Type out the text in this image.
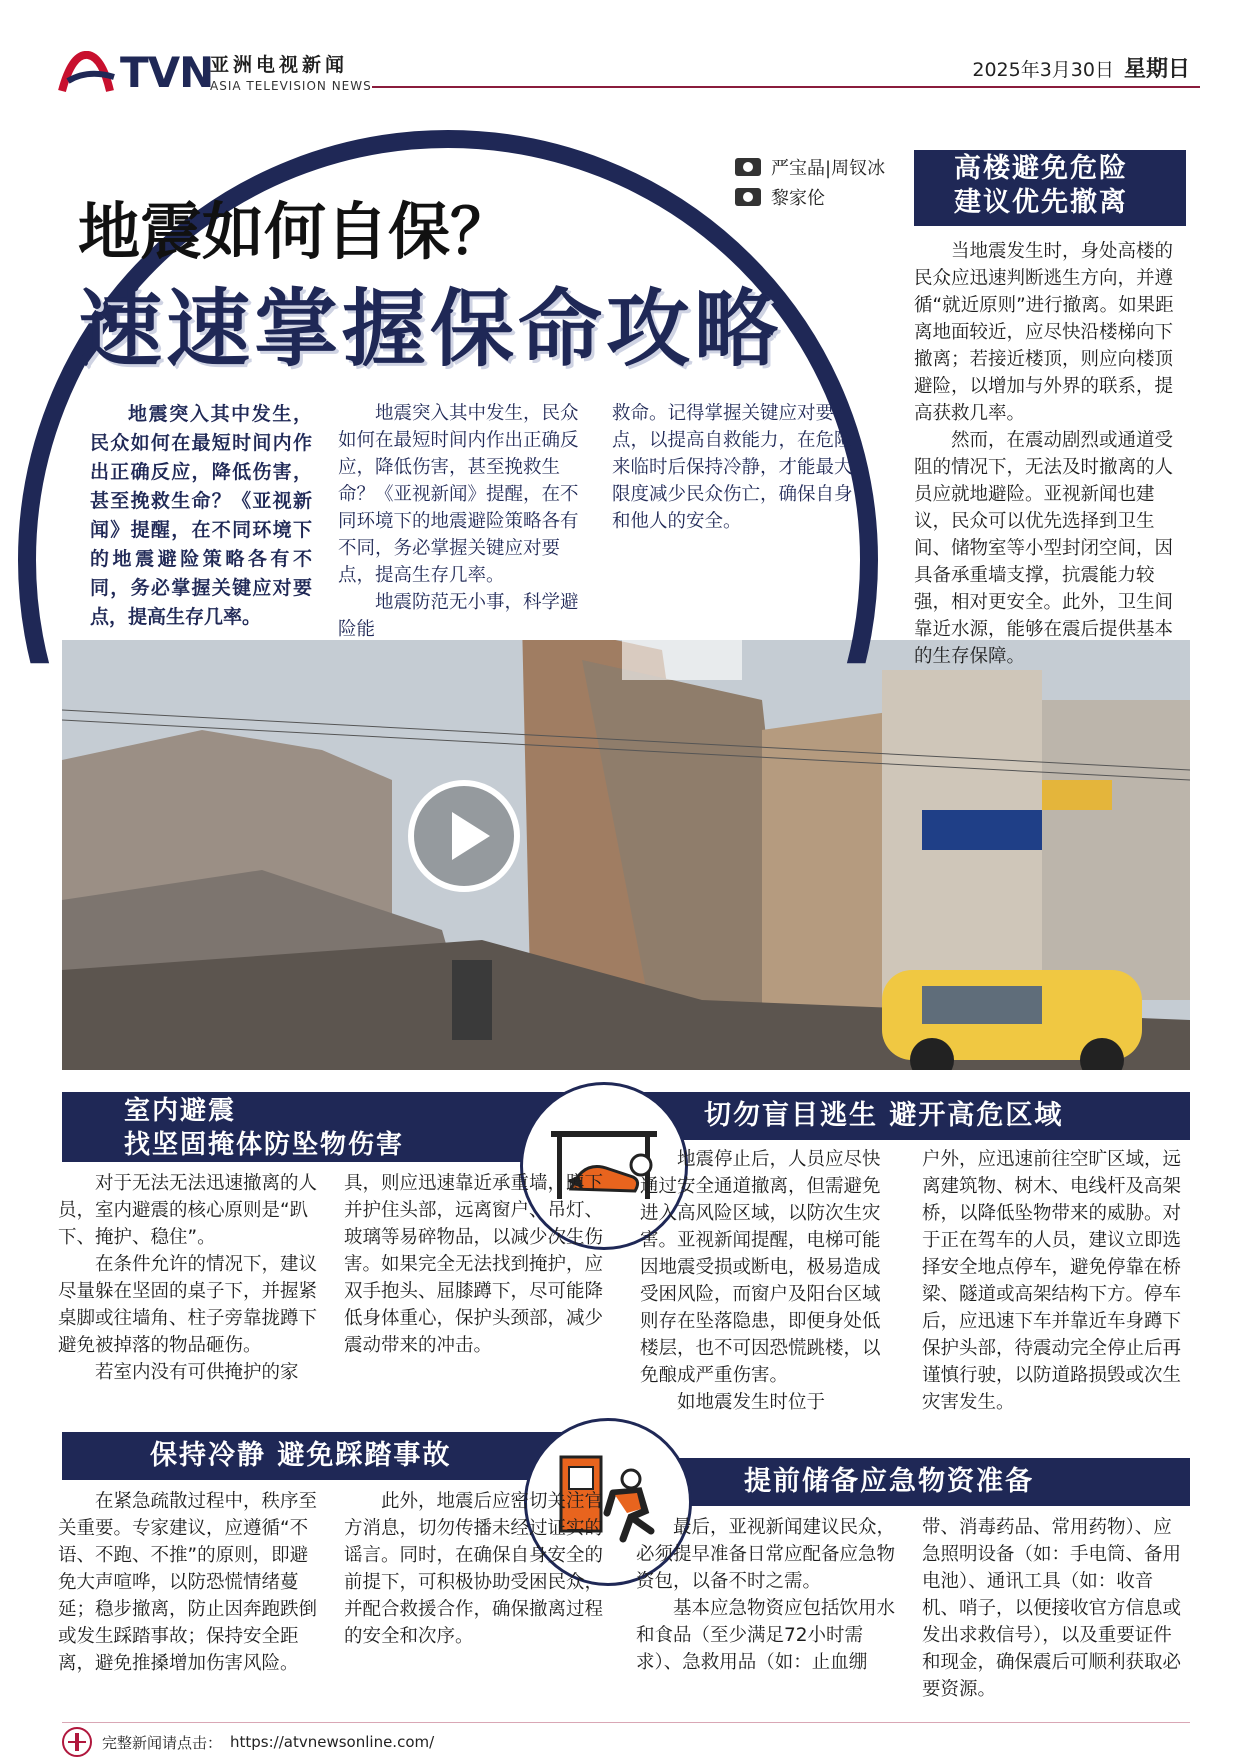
TVN
亚洲电视新闻
ASIA TELEVISION NEWS
2025年3月30日 星期日
地震如何自保？
速速掌握保命攻略
严宝晶|周钗冰
黎家伦

地震突入其中发生，民众如何在最短时间内作出正确反应，降低伤害，甚至挽救生命？《亚视新闻》提醒，在不同环境下的地震避险策略各有不同，务必掌握关键应对要点，提高生存几率。

地震突入其中发生，民众如何在最短时间内作出正确反应，降低伤害，甚至挽救生命？《亚视新闻》提醒，在不同环境下的地震避险策略各有不同，务必掌握关键应对要点，提高生存几率。

地震防范无小事，科学避险能

救命。记得掌握关键应对要点，以提高自救能力，在危险来临时后保持冷静，才能最大限度减少民众伤亡，确保自身和他人的安全。

高楼避免危险
建议优先撤离

当地震发生时，身处高楼的民众应迅速判断逃生方向，并遵循“就近原则”进行撤离。如果距离地面较近，应尽快沿楼梯向下撤离；若接近楼顶，则应向楼顶避险，以增加与外界的联系，提高获救几率。

然而，在震动剧烈或通道受阻的情况下，无法及时撤离的人员应就地避险。亚视新闻也建议，民众可以优先选择到卫生间、储物室等小型封闭空间，因具备承重墙支撑，抗震能力较强，相对更安全。此外，卫生间靠近水源，能够在震后提供基本的生存保障。

室内避震
找坚固掩体防坠物伤害
切勿盲目逃生 避开高危区域

对于无法无法迅速撤离的人员，室内避震的核心原则是“趴下、掩护、稳住”。

在条件允许的情况下，建议尽量躲在坚固的桌子下，并握紧桌脚或往墙角、柱子旁靠拢蹲下避免被掉落的物品砸伤。

若室内没有可供掩护的家

具，则应迅速靠近承重墙，蹲下并护住头部，远离窗户、吊灯、玻璃等易碎物品，以减少次生伤害。如果完全无法找到掩护，应双手抱头、屈膝蹲下，尽可能降低身体重心，保护头颈部，减少震动带来的冲击。

地震停止后，人员应尽快通过安全通道撤离，但需避免进入高风险区域，以防次生灾害。亚视新闻提醒，电梯可能因地震受损或断电，极易造成受困风险，而窗户及阳台区域则存在坠落隐患，即便身处低楼层，也不可因恐慌跳楼，以免酿成严重伤害。

如地震发生时位于

户外，应迅速前往空旷区域，远离建筑物、树木、电线杆及高架桥，以降低坠物带来的威胁。对于正在驾车的人员，建议立即选择安全地点停车，避免停靠在桥梁、隧道或高架结构下方。停车后，应迅速下车并靠近车身蹲下保护头部，待震动完全停止后再谨慎行驶，以防道路损毁或次生灾害发生。

保持冷静 避免踩踏事故
提前储备应急物资准备

在紧急疏散过程中，秩序至关重要。专家建议，应遵循“不语、不跑、不推”的原则，即避免大声喧哗，以防恐慌情绪蔓延；稳步撤离，防止因奔跑跌倒或发生踩踏事故；保持安全距离，避免推搡增加伤害风险。

此外，地震后应密切关注官方消息，切勿传播未经过证实的谣言。同时，在确保自身安全的前提下，可积极协助受困民众，并配合救援合作，确保撤离过程的安全和次序。

最后，亚视新闻建议民众，必须提早准备日常应配备应急物资包，以备不时之需。

基本应急物资应包括饮用水和食品（至少满足72小时需求）、急救用品（如：止血绷

带、消毒药品、常用药物）、应急照明设备（如：手电筒、备用电池）、通讯工具（如：收音机、哨子，以便接收官方信息或发出求救信号），以及重要证件和现金，确保震后可顺利获取必要资源。

完整新闻请点击： https://atvnewsonline.com/
